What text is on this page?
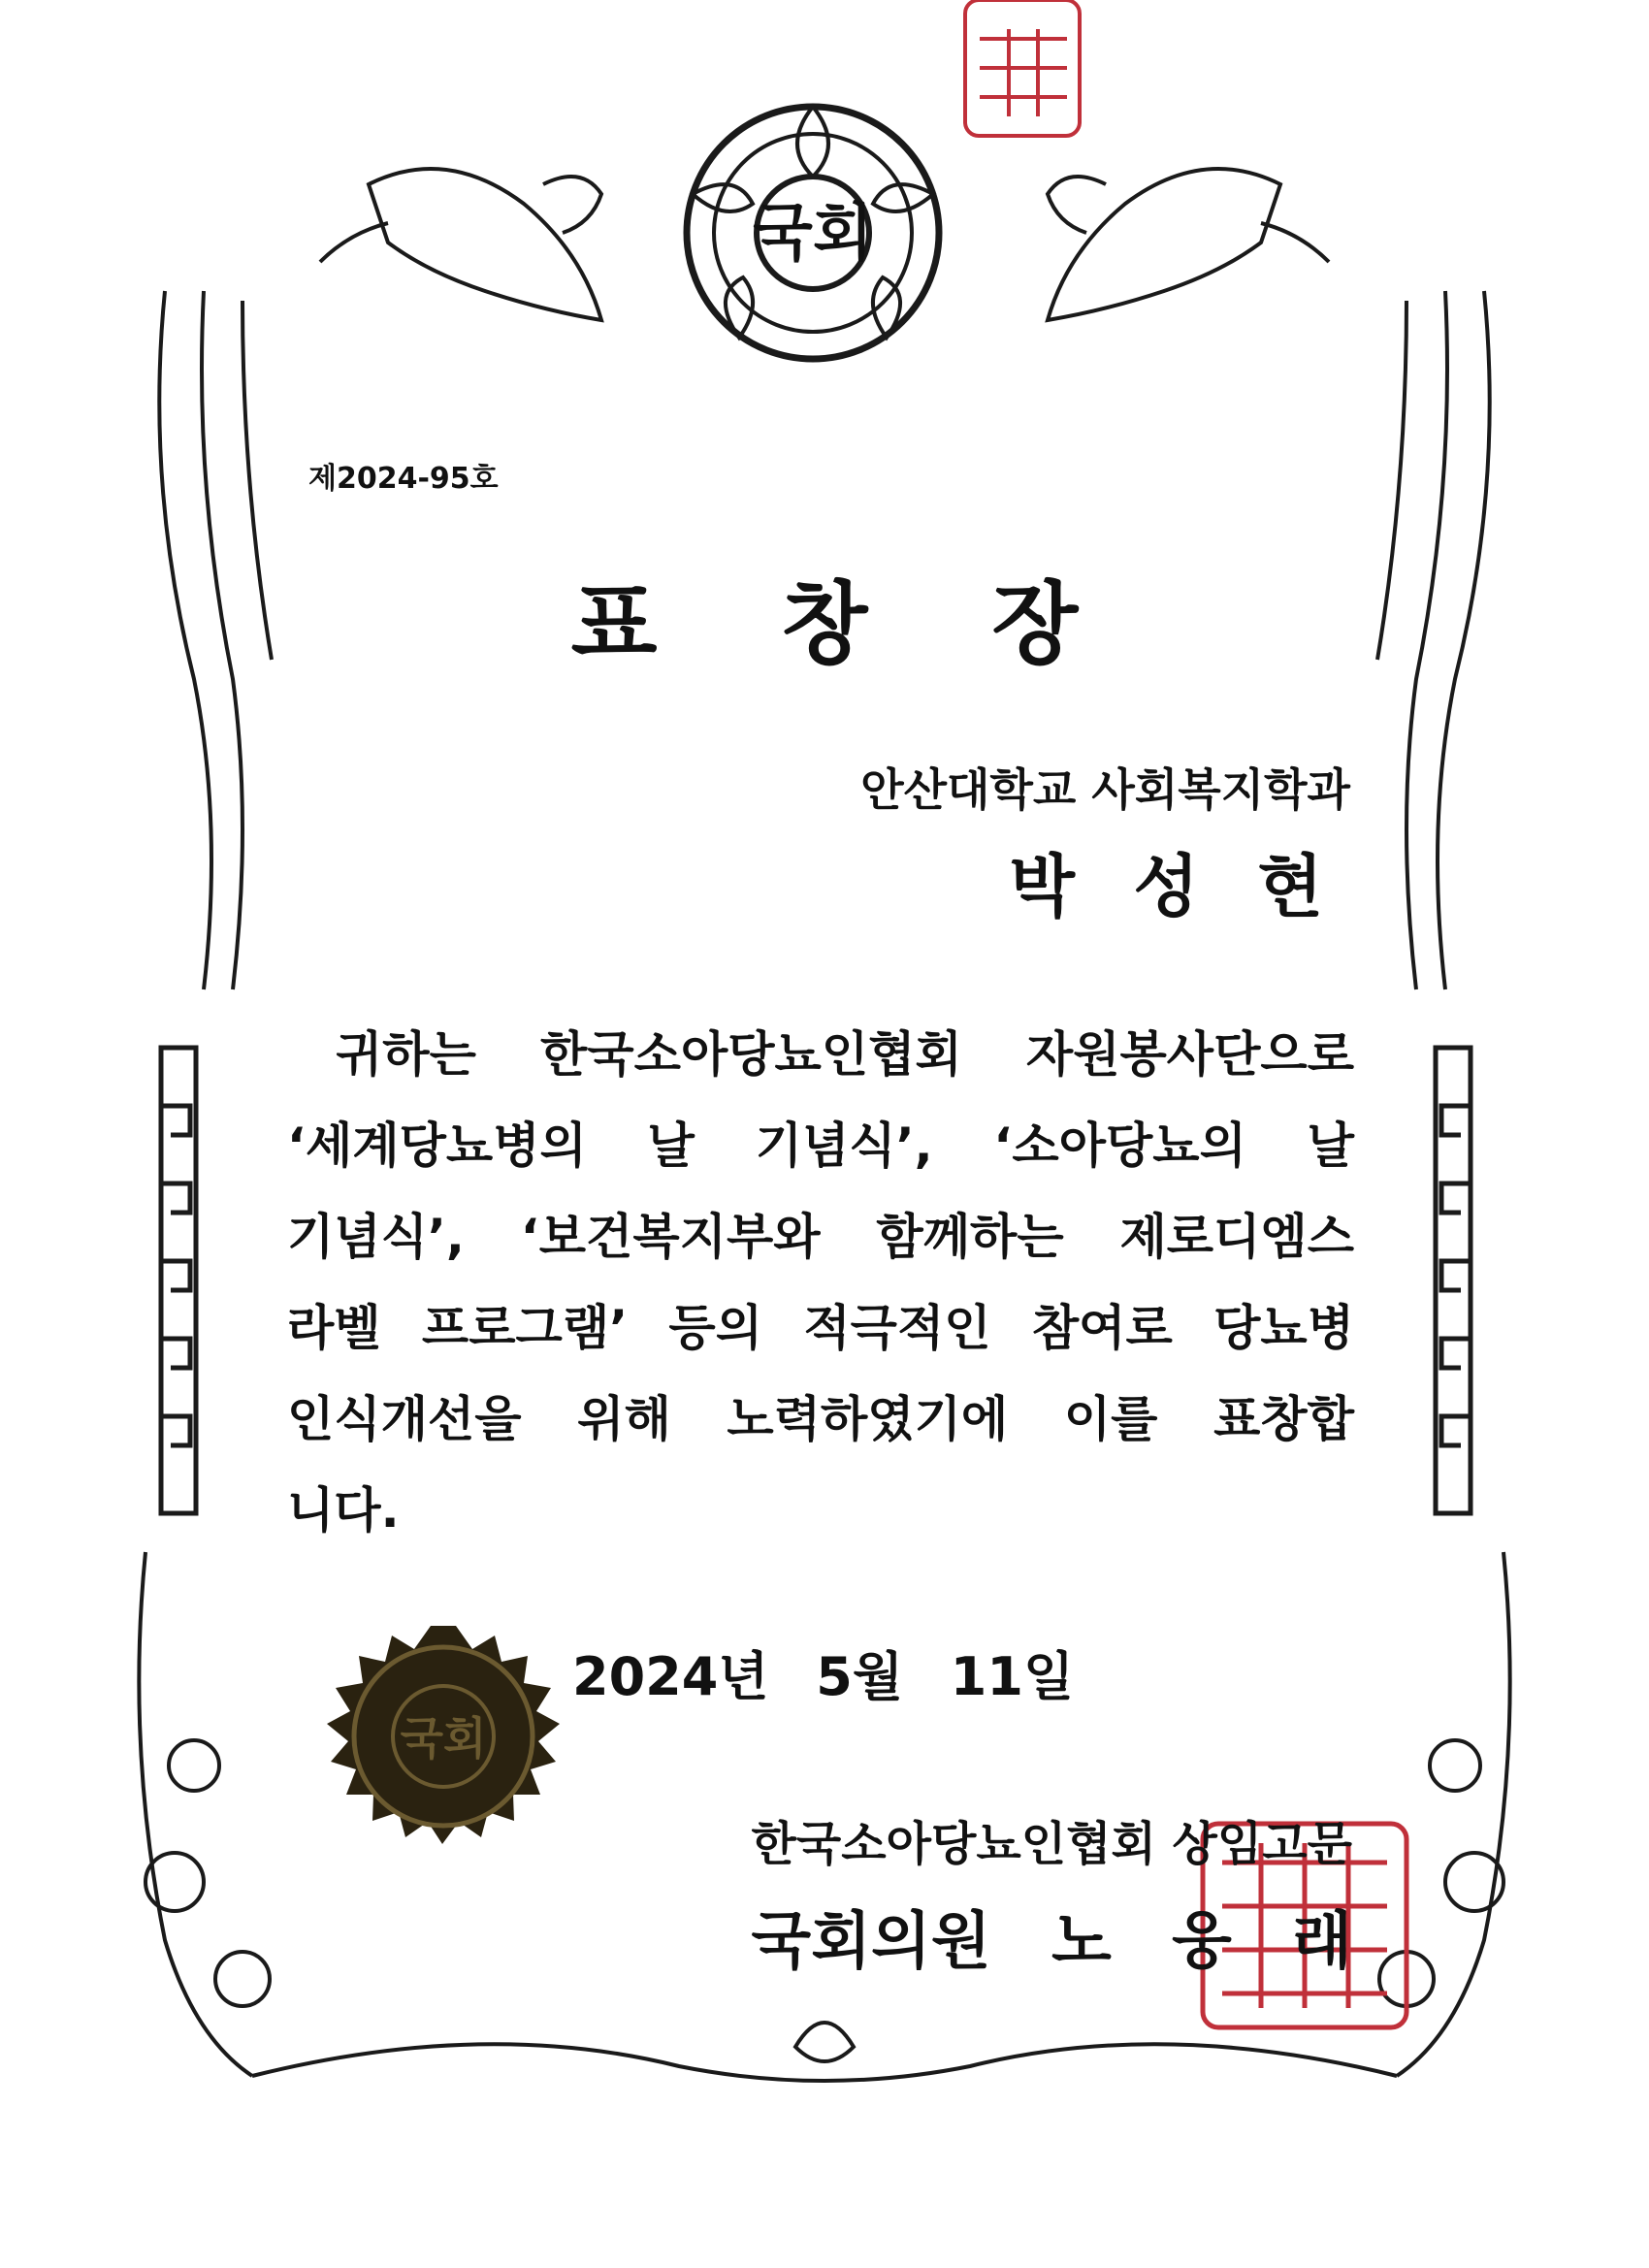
국회
국회
제2024-95호
표 창 장
안산대학교 사회복지학과
박 성 현
귀하는 한국소아당뇨인협회 자원봉사단으로
‘세계당뇨병의 날 기념식’, ‘소아당뇨의 날
기념식’, ‘보건복지부와 함께하는 제로디엠스
라벨 프로그램’ 등의 적극적인 참여로 당뇨병
인식개선을 위해 노력하였기에 이를 표창합
니다.
2024년 5월 11일
한국소아당뇨인협회 상임고문
국회의원 노 웅 래
